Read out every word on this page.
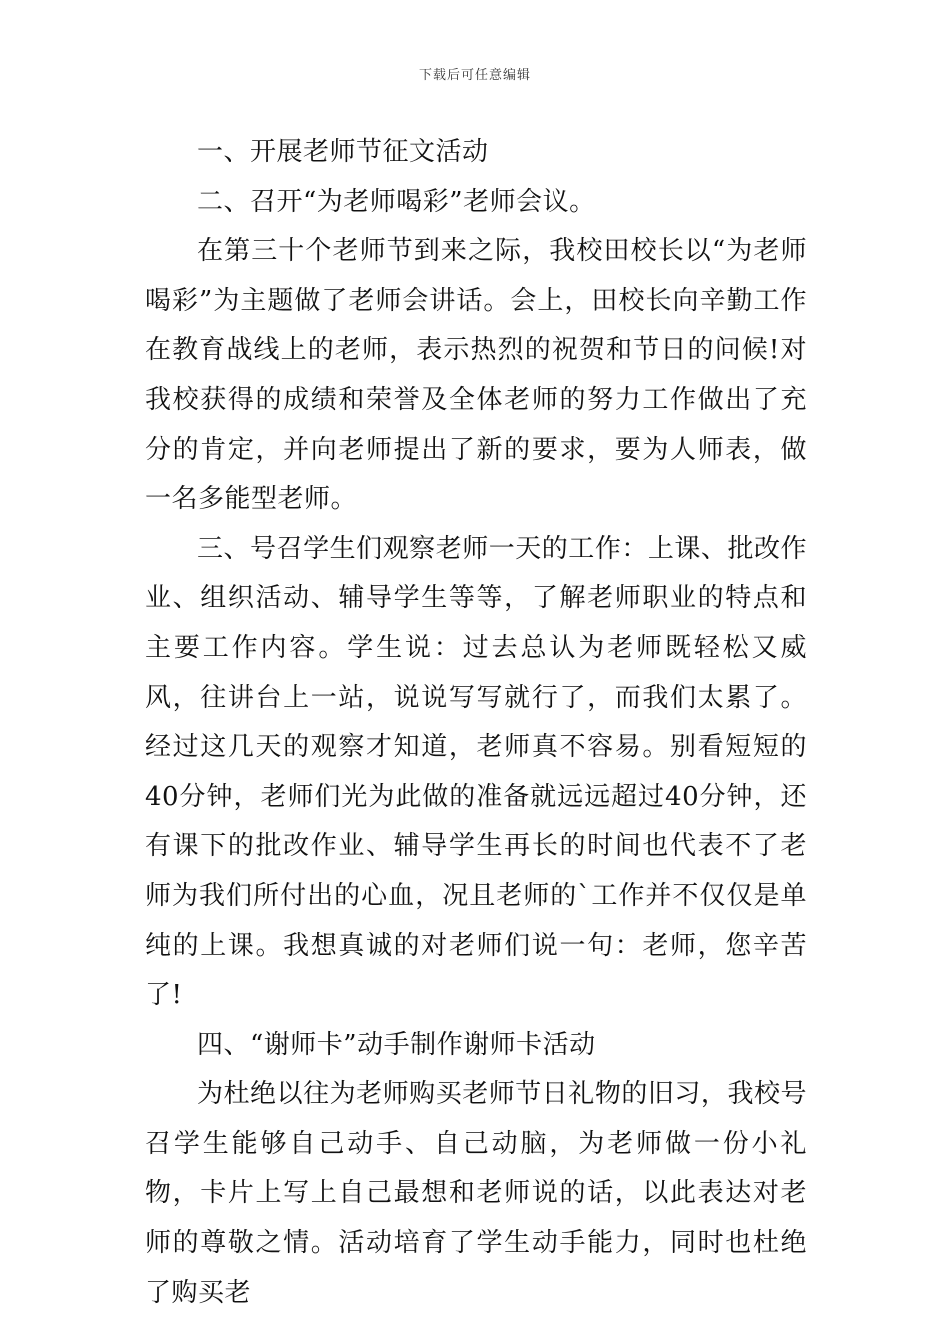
下载后可任意编辑

一、开展老师节征文活动

二、召开“为老师喝彩”老师会议。

在第三十个老师节到来之际，我校田校长以“为老师喝彩”为主题做了老师会讲话。会上，田校长向辛勤工作在教育战线上的老师，表示热烈的祝贺和节日的问候!对我校获得的成绩和荣誉及全体老师的努力工作做出了充分的肯定，并向老师提出了新的要求，要为人师表，做一名多能型老师。

三、号召学生们观察老师一天的工作：上课、批改作业、组织活动、辅导学生等等，了解老师职业的特点和主要工作内容。学生说：过去总认为老师既轻松又威风，往讲台上一站，说说写写就行了，而我们太累了。经过这几天的观察才知道，老师真不容易。别看短短的40分钟，老师们光为此做的准备就远远超过40分钟，还有课下的批改作业、辅导学生再长的时间也代表不了老师为我们所付出的心血，况且老师的`工作并不仅仅是单纯的上课。我想真诚的对老师们说一句：老师，您辛苦了!

四、“谢师卡”动手制作谢师卡活动

为杜绝以往为老师购买老师节日礼物的旧习，我校号召学生能够自己动手、自己动脑，为老师做一份小礼物，卡片上写上自己最想和老师说的话，以此表达对老师的尊敬之情。活动培育了学生动手能力，同时也杜绝了购买老
